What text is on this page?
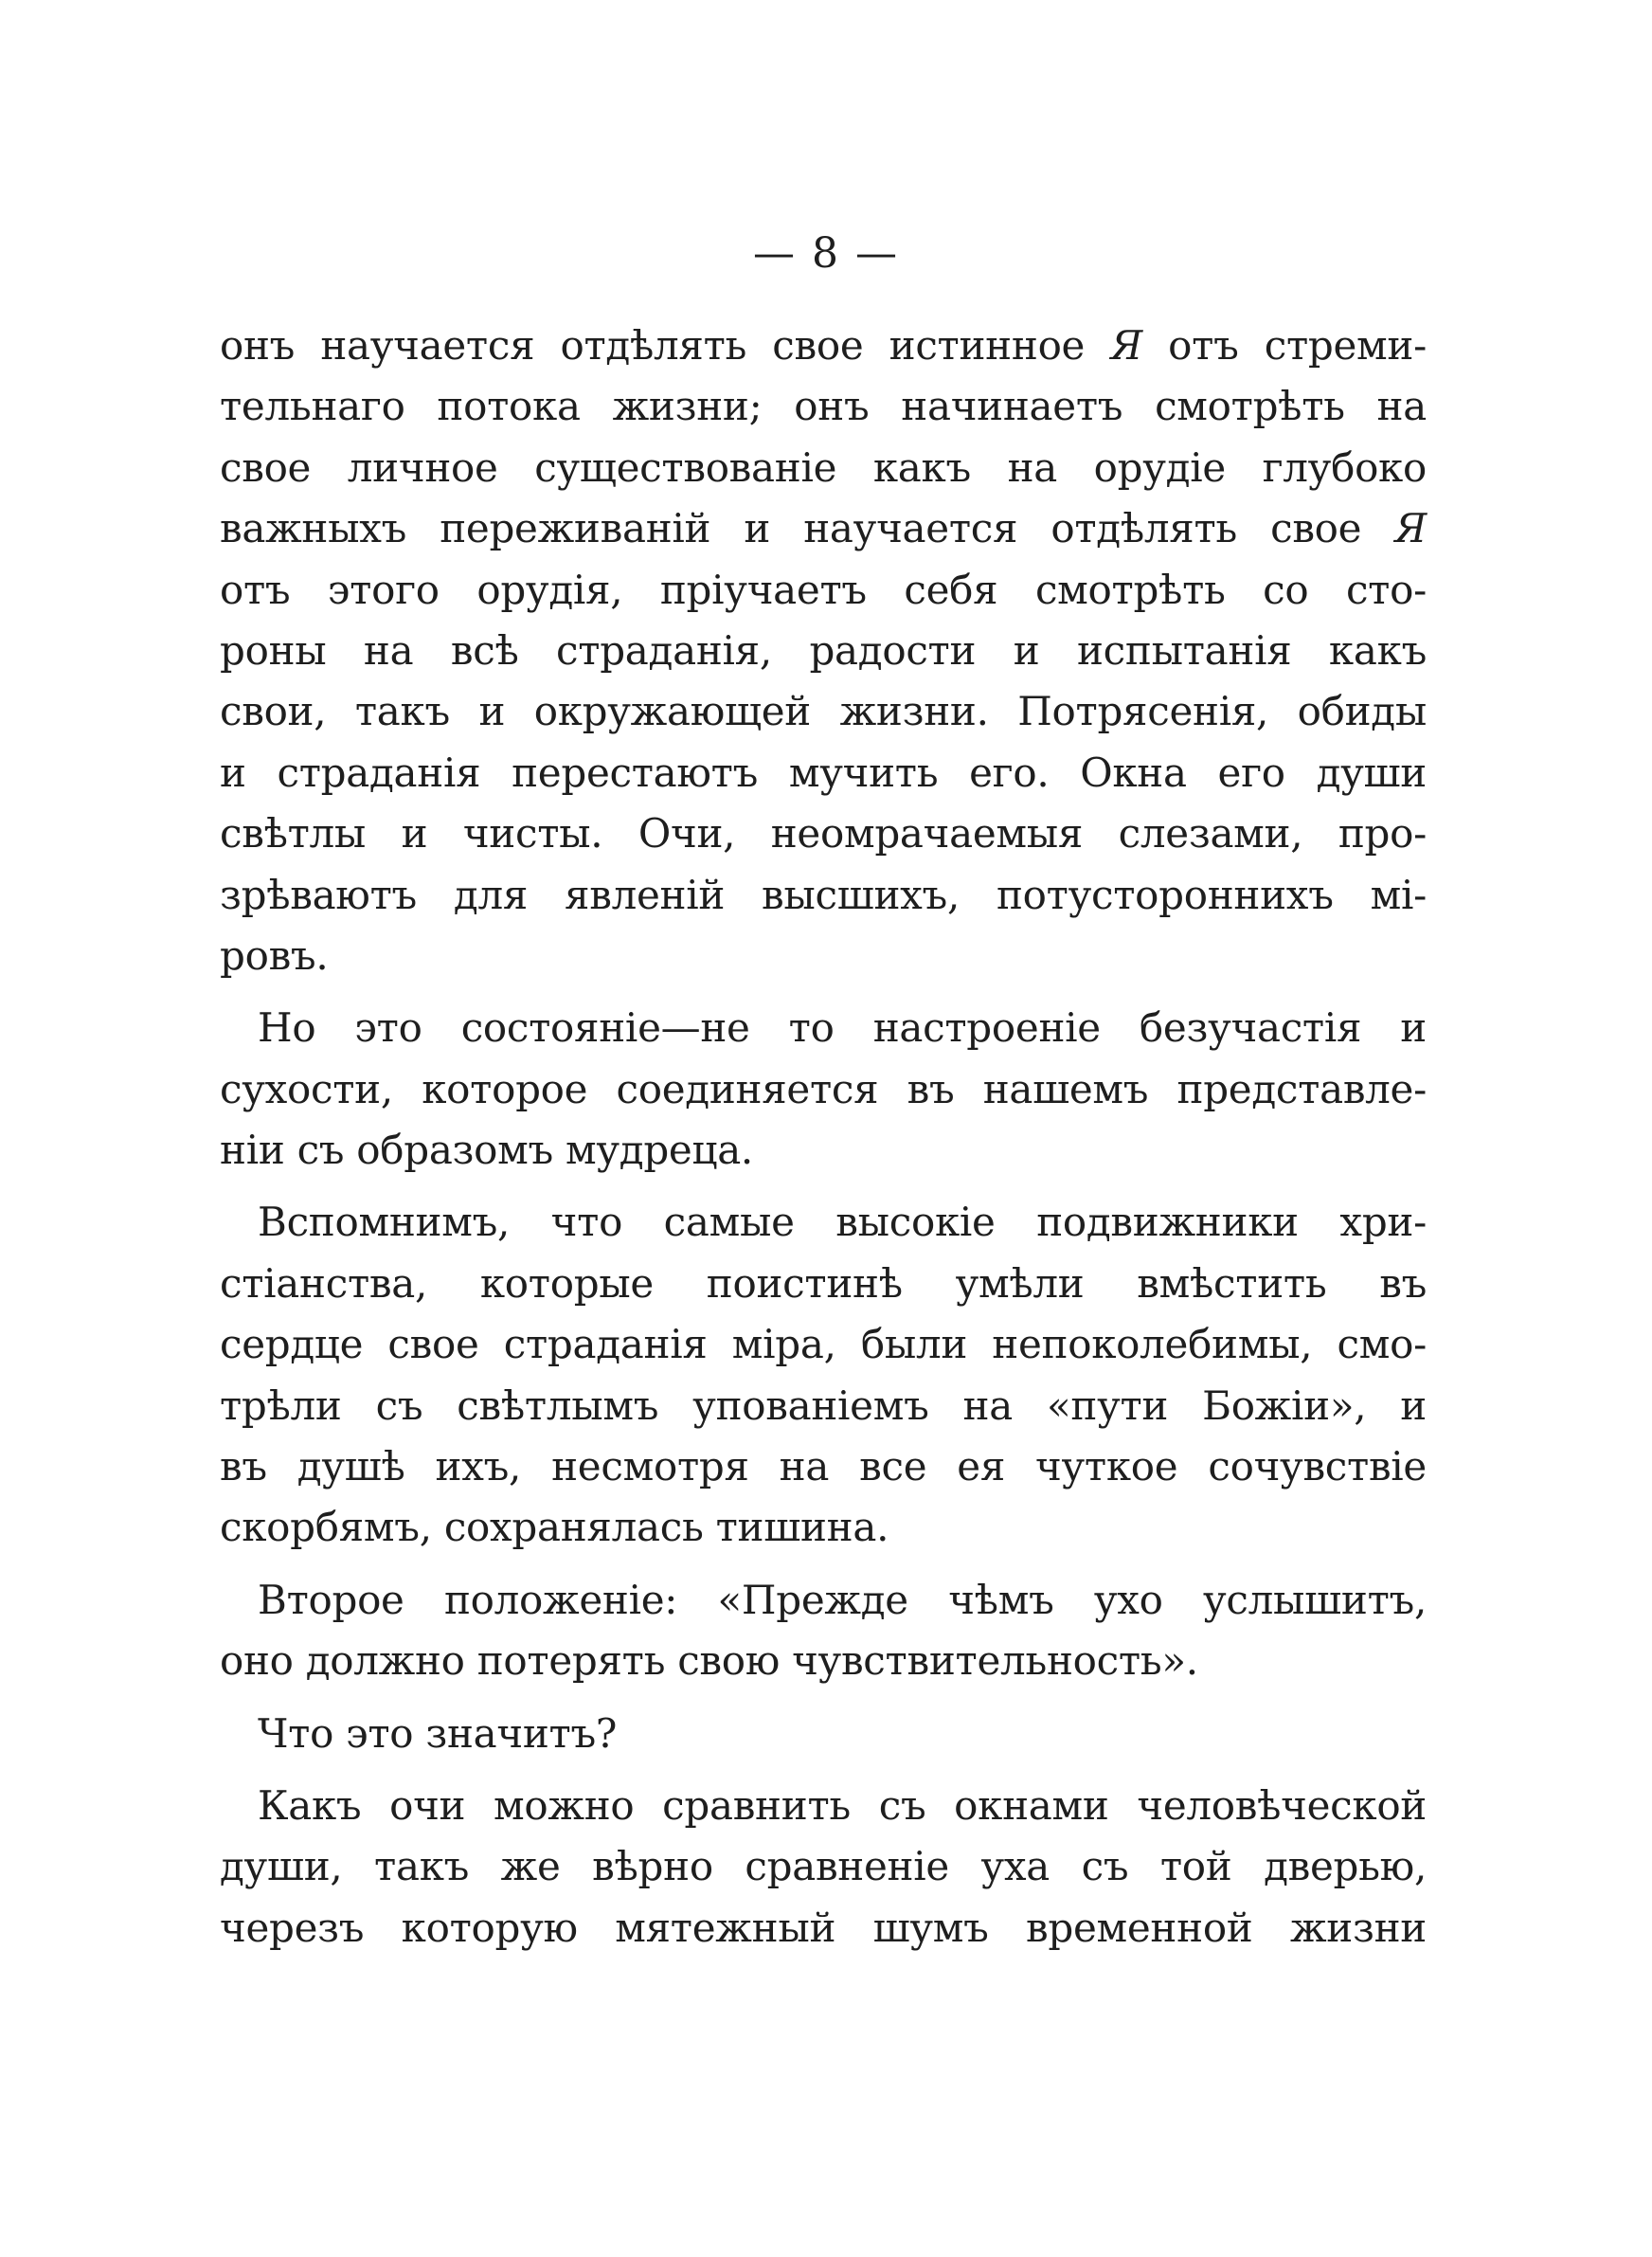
— 8 —
онъ научается отдѣлять свое истинное Я отъ стреми-
тельнаго потока жизни; онъ начинаетъ смотрѣть на
свое личное существованіе какъ на орудіе глубоко
важныхъ переживаній и научается отдѣлять свое Я
отъ этого орудія, пріучаетъ себя смотрѣть со сто-
роны на всѣ страданія, радости и испытанія какъ
свои, такъ и окружающей жизни. Потрясенія, обиды
и страданія перестаютъ мучить его. Окна его души
свѣтлы и чисты. Очи, неомрачаемыя слезами, про-
зрѣваютъ для явленій высшихъ, потустороннихъ мі-
ровъ.
Но это состояніе—не то настроеніе безучастія и
сухости, которое соединяется въ нашемъ представле-
ніи съ образомъ мудреца.
Вспомнимъ, что самые высокіе подвижники хри-
стіанства, которые поистинѣ умѣли вмѣстить въ
сердце свое страданія міра, были непоколебимы, смо-
трѣли съ свѣтлымъ упованіемъ на «пути Божіи», и
въ душѣ ихъ, несмотря на все ея чуткое сочувствіе
скорбямъ, сохранялась тишина.
Второе положеніе: «Прежде чѣмъ ухо услышитъ,
оно должно потерять свою чувствительность».
Что это значитъ?
Какъ очи можно сравнить съ окнами человѣческой
души, такъ же вѣрно сравненіе уха съ той дверью,
черезъ которую мятежный шумъ временной жизни
